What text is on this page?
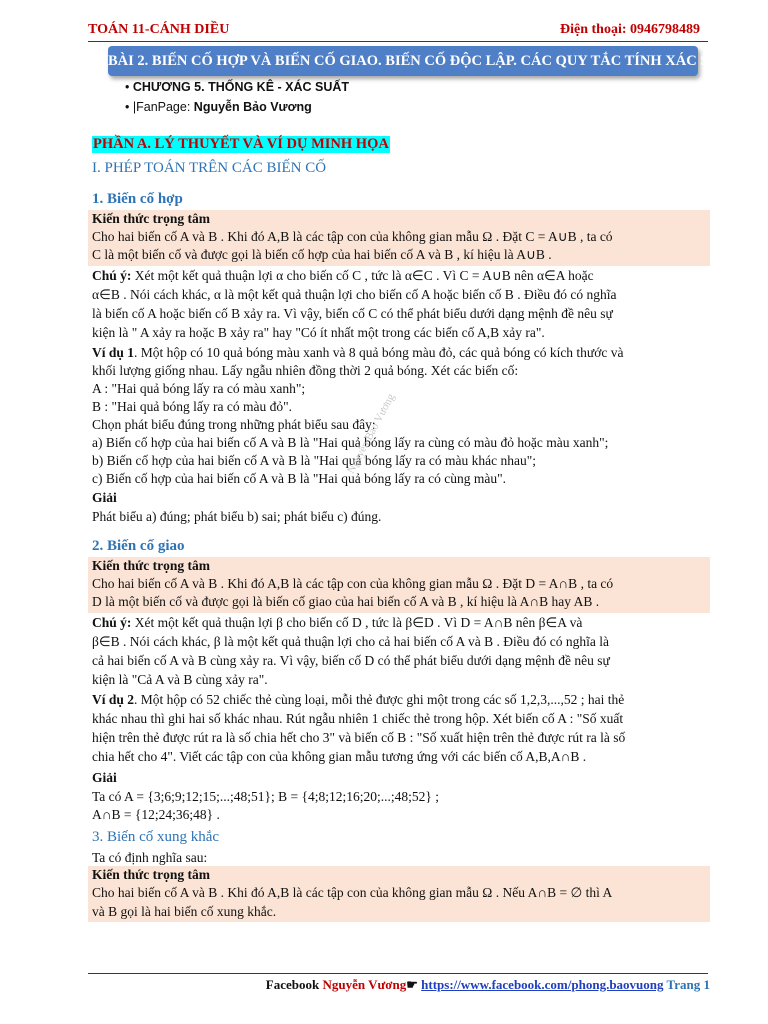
TOÁN 11-CÁNH DIỀU	Điện thoại: 0946798489
BÀI 2. BIẾN CỐ HỢP VÀ BIẾN CỐ GIAO. BIẾN CỐ ĐỘC LẬP. CÁC QUY TẮC TÍNH XÁC SUẤT
• CHƯƠNG 5. THỐNG KÊ - XÁC SUẤT
• |FanPage: Nguyễn Bảo Vương
PHẦN A. LÝ THUYẾT VÀ VÍ DỤ MINH HỌA
I. PHÉP TOÁN TRÊN CÁC BIẾN CỐ
1. Biến cố hợp
Kiến thức trọng tâm
Cho hai biến cố A và B . Khi đó A,B là các tập con của không gian mẫu Ω . Đặt C = A∪B , ta có
C là một biến cố và được gọi là biến cố hợp của hai biến cố A và B , kí hiệu là A∪B .
Chú ý: Xét một kết quả thuận lợi α cho biến cố C , tức là α∈C . Vì C = A∪B nên α∈A hoặc
α∈B . Nói cách khác, α là một kết quả thuận lợi cho biến cố A hoặc biến cố B . Điều đó có nghĩa
là biến cố A hoặc biến cố B xảy ra. Vì vậy, biến cố C có thể phát biểu dưới dạng mệnh đề nêu sự
kiện là " A xảy ra hoặc B xảy ra" hay "Có ít nhất một trong các biến cố A,B xảy ra".
Ví dụ 1. Một hộp có 10 quả bóng màu xanh và 8 quả bóng màu đỏ, các quả bóng có kích thước và
khối lượng giống nhau. Lấy ngẫu nhiên đồng thời 2 quả bóng. Xét các biến cố:
A : "Hai quả bóng lấy ra có màu xanh";
B : "Hai quả bóng lấy ra có màu đỏ".
Chọn phát biểu đúng trong những phát biểu sau đây:
a) Biến cố hợp của hai biến cố A và B là "Hai quả bóng lấy ra cùng có màu đỏ hoặc màu xanh";
b) Biến cố hợp của hai biến cố A và B là "Hai quả bóng lấy ra có màu khác nhau";
c) Biến cố hợp của hai biến cố A và B là "Hai quả bóng lấy ra có cùng màu".
Giải
Phát biểu a) đúng; phát biểu b) sai; phát biểu c) đúng.
Nguyễn Bảo Vương
2. Biến cố giao
Kiến thức trọng tâm
Cho hai biến cố A và B . Khi đó A,B là các tập con của không gian mẫu Ω . Đặt D = A∩B , ta có
D là một biến cố và được gọi là biến cố giao của hai biến cố A và B , kí hiệu là A∩B hay AB .
Chú ý: Xét một kết quả thuận lợi β cho biến cố D , tức là β∈D . Vì D = A∩B nên β∈A và
β∈B . Nói cách khác, β là một kết quả thuận lợi cho cả hai biến cố A và B . Điều đó có nghĩa là
cả hai biến cố A và B cùng xảy ra. Vì vậy, biến cố D có thể phát biểu dưới dạng mệnh đề nêu sự
kiện là "Cả A và B cùng xảy ra".
Ví dụ 2. Một hộp có 52 chiếc thẻ cùng loại, mỗi thẻ được ghi một trong các số 1,2,3,...,52 ; hai thẻ
khác nhau thì ghi hai số khác nhau. Rút ngẫu nhiên 1 chiếc thẻ trong hộp. Xét biến cố A : "Số xuất
hiện trên thẻ được rút ra là số chia hết cho 3" và biến cố B : "Số xuất hiện trên thẻ được rút ra là số
chia hết cho 4". Viết các tập con của không gian mẫu tương ứng với các biến cố A,B,A∩B .
Giải
Ta có A = {3;6;9;12;15;...;48;51}; B = {4;8;12;16;20;...;48;52} ;
A∩B = {12;24;36;48} .
3. Biến cố xung khắc
Ta có định nghĩa sau:
Kiến thức trọng tâm
Cho hai biến cố A và B . Khi đó A,B là các tập con của không gian mẫu Ω . Nếu A∩B = ∅ thì A
và B gọi là hai biến cố xung khắc.
Facebook Nguyễn Vương☛ https://www.facebook.com/phong.baovuong Trang 1
